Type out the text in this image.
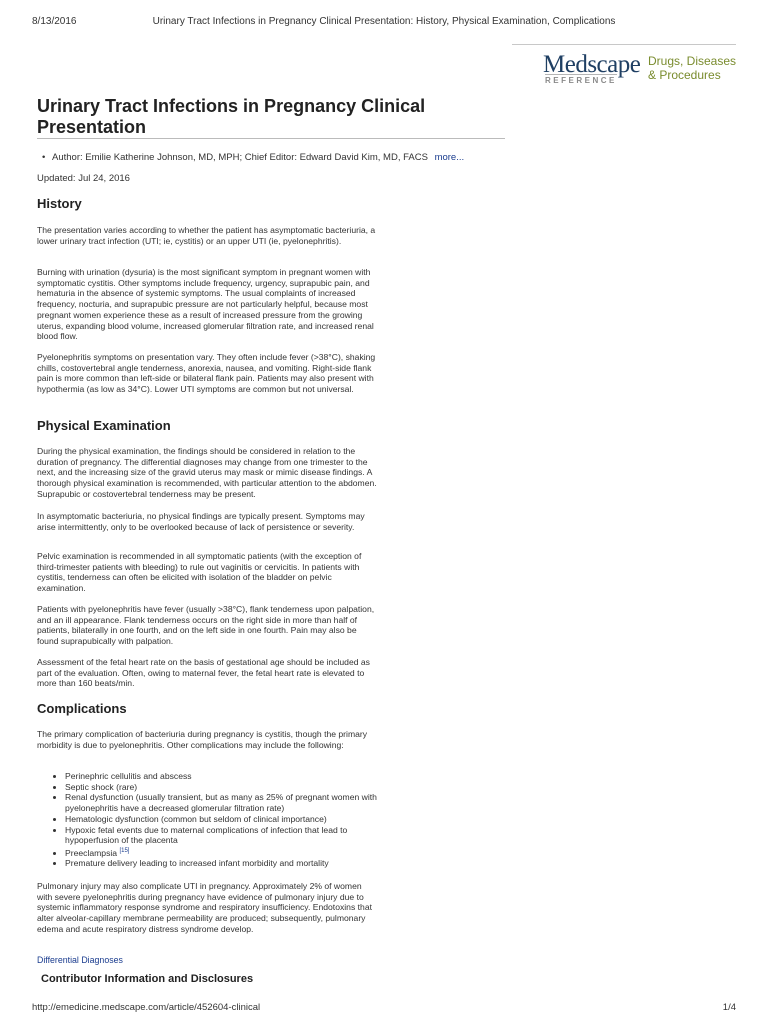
8/13/2016	Urinary Tract Infections in Pregnancy Clinical Presentation: History, Physical Examination, Complications
Medscape
REFERENCE
Drugs, Diseases
& Procedures
Urinary Tract Infections in Pregnancy Clinical Presentation
• Author: Emilie Katherine Johnson, MD, MPH; Chief Editor: Edward David Kim, MD, FACS more...
Updated: Jul 24, 2016
History

The presentation varies according to whether the patient has asymptomatic bacteriuria, a lower urinary tract infection (UTI; ie, cystitis) or an upper UTI (ie, pyelonephritis).

Burning with urination (dysuria) is the most significant symptom in pregnant women with symptomatic cystitis. Other symptoms include frequency, urgency, suprapubic pain, and hematuria in the absence of systemic symptoms. The usual complaints of increased frequency, nocturia, and suprapubic pressure are not particularly helpful, because most pregnant women experience these as a result of increased pressure from the growing uterus, expanding blood volume, increased glomerular filtration rate, and increased renal blood flow.

Pyelonephritis symptoms on presentation vary. They often include fever (>38°C), shaking chills, costovertebral angle tenderness, anorexia, nausea, and vomiting. Right-side flank pain is more common than left-side or bilateral flank pain. Patients may also present with hypothermia (as low as 34°C). Lower UTI symptoms are common but not universal.

Physical Examination

During the physical examination, the findings should be considered in relation to the duration of pregnancy. The differential diagnoses may change from one trimester to the next, and the increasing size of the gravid uterus may mask or mimic disease findings. A thorough physical examination is recommended, with particular attention to the abdomen. Suprapubic or costovertebral tenderness may be present.

In asymptomatic bacteriuria, no physical findings are typically present. Symptoms may arise intermittently, only to be overlooked because of lack of persistence or severity.

Pelvic examination is recommended in all symptomatic patients (with the exception of third-trimester patients with bleeding) to rule out vaginitis or cervicitis. In patients with cystitis, tenderness can often be elicited with isolation of the bladder on pelvic examination.

Patients with pyelonephritis have fever (usually >38°C), flank tenderness upon palpation, and an ill appearance. Flank tenderness occurs on the right side in more than half of patients, bilaterally in one fourth, and on the left side in one fourth. Pain may also be found suprapubically with palpation.

Assessment of the fetal heart rate on the basis of gestational age should be included as part of the evaluation. Often, owing to maternal fever, the fetal heart rate is elevated to more than 160 beats/min.

Complications

The primary complication of bacteriuria during pregnancy is cystitis, though the primary morbidity is due to pyelonephritis. Other complications may include the following:

• Perinephric cellulitis and abscess
• Septic shock (rare)
• Renal dysfunction (usually transient, but as many as 25% of pregnant women with pyelonephritis have a decreased glomerular filtration rate)
• Hematologic dysfunction (common but seldom of clinical importance)
• Hypoxic fetal events due to maternal complications of infection that lead to hypoperfusion of the placenta
• Preeclampsia [15]
• Premature delivery leading to increased infant morbidity and mortality

Pulmonary injury may also complicate UTI in pregnancy. Approximately 2% of women with severe pyelonephritis during pregnancy have evidence of pulmonary injury due to systemic inflammatory response syndrome and respiratory insufficiency. Endotoxins that alter alveolar-capillary membrane permeability are produced; subsequently, pulmonary edema and acute respiratory distress syndrome develop.

Differential Diagnoses
Contributor Information and Disclosures
http://emedicine.medscape.com/article/452604-clinical	1/4
